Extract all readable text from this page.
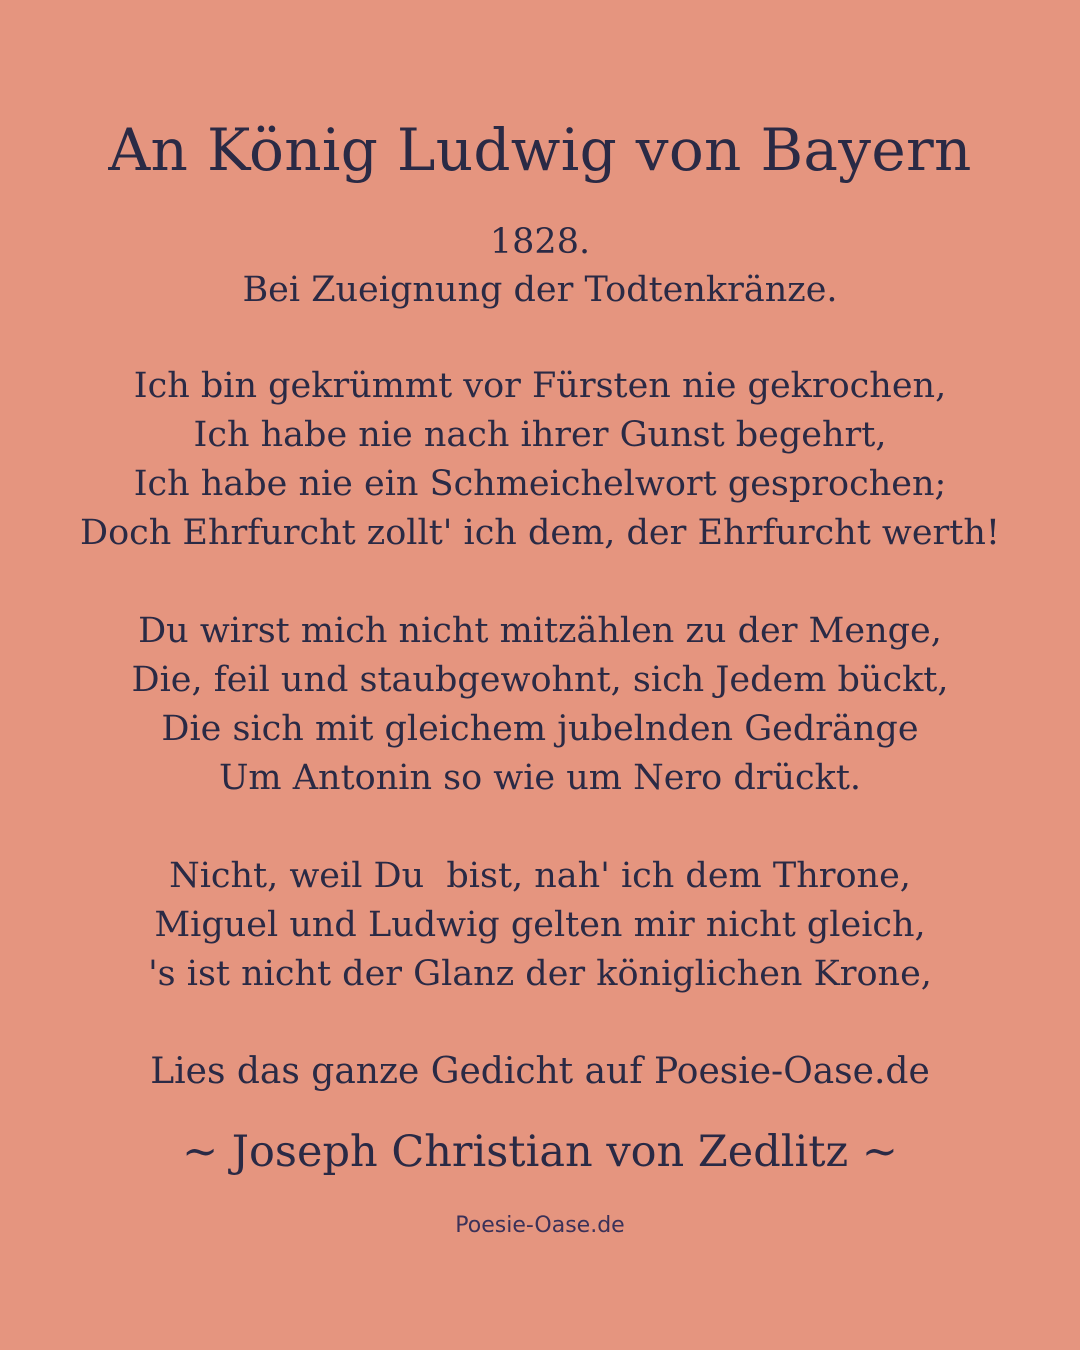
An König Ludwig von Bayern
1828.
Bei Zueignung der Todtenkränze.
Ich bin gekrümmt vor Fürsten nie gekrochen,
Ich habe nie nach ihrer Gunst begehrt,
Ich habe nie ein Schmeichelwort gesprochen;
Doch Ehrfurcht zollt' ich dem, der Ehrfurcht werth!
Du wirst mich nicht mitzählen zu der Menge,
Die, feil und staubgewohnt, sich Jedem bückt,
Die sich mit gleichem jubelnden Gedränge
Um Antonin so wie um Nero drückt.
Nicht, weil Du  bist, nah' ich dem Throne,
Miguel und Ludwig gelten mir nicht gleich,
's ist nicht der Glanz der königlichen Krone,
Lies das ganze Gedicht auf Poesie-Oase.de
~ Joseph Christian von Zedlitz ~
Poesie-Oase.de
